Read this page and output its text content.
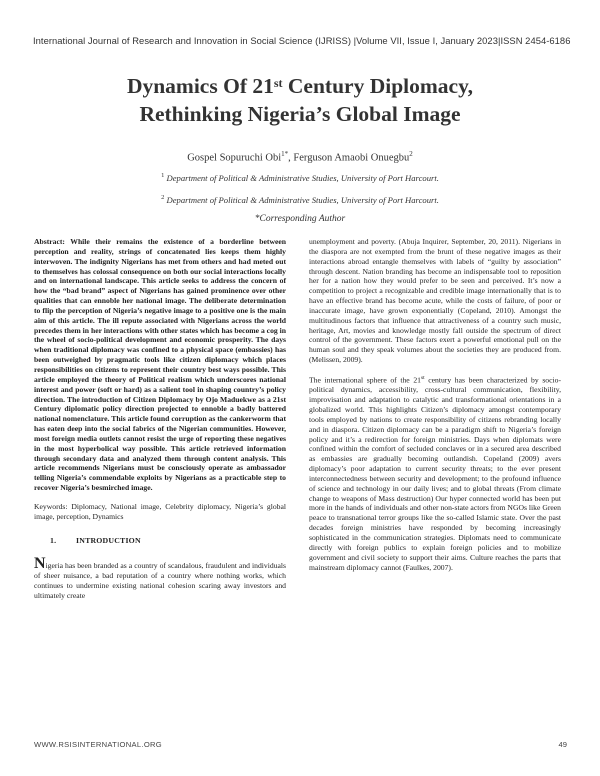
International Journal of Research and Innovation in Social Science (IJRISS) |Volume VII, Issue I, January 2023|ISSN 2454-6186
Dynamics Of 21st Century Diplomacy,
Rethinking Nigeria’s Global Image
Gospel Sopuruchi Obi$^{1*}$, Ferguson Amaobi Onuegbu$^2$
$^1$ Department of Political & Administrative Studies, University of Port Harcourt.
$^2$ Department of Political & Administrative Studies, University of Port Harcourt.
*Corresponding Author

Abstract: While their remains the existence of a borderline between perception and reality, strings of concatenated lies keeps them highly interwoven. The indignity Nigerians has met from others and had meted out to themselves has colossal consequence on both our social interactions locally and on international landscape. This article seeks to address the concern of how the “bad brand” aspect of Nigerians has gained prominence over other qualities that can ennoble her national image. The deliberate determination to flip the perception of Nigeria’s negative image to a positive one is the main aim of this article. The ill repute associated with Nigerians across the world precedes them in her interactions with other states which has become a cog in the wheel of socio-political development and economic prosperity. The days when traditional diplomacy was confined to a physical space (embassies) has been outweighed by pragmatic tools like citizen diplomacy which places responsibilities on citizens to represent their country best ways possible. This article employed the theory of Political realism which underscores national interest and power (soft or hard) as a salient tool in shaping country’s policy direction. The introduction of Citizen Diplomacy by Ojo Maduekwe as a 21st Century diplomatic policy direction projected to ennoble a badly battered national nomenclature. This article found corruption as the cankerworm that has eaten deep into the social fabrics of the Nigerian communities. However, most foreign media outlets cannot resist the urge of reporting these negatives in the most hyperbolical way possible. This article retrieved information through secondary data and analyzed them through content analysis. This article recommends Nigerians must be consciously operate as ambassador telling Nigeria’s commendable exploits by Nigerians as a practicable step to recover Nigeria’s besmirched image.

Keywords: Diplomacy, National image, Celebrity diplomacy, Nigeria’s global image, perception, Dynamics

1.	INTRODUCTION

Nigeria has been branded as a country of scandalous, fraudulent and individuals of sheer nuisance, a bad reputation of a country where nothing works, which continues to undermine existing national cohesion scaring away investors and ultimately create

unemployment and poverty. (Abuja Inquirer, September, 20, 2011). Nigerians in the diaspora are not exempted from the brunt of these negative images as their interactions abroad entangle themselves with labels of “guilty by association” through descent. Nation branding has become an indispensable tool to reposition her for a nation how they would prefer to be seen and perceived. It’s now a competition to project a recognizable and credible image internationally that is to have an effective brand has become acute, while the costs of failure, of poor or inaccurate image, have grown exponentially (Copeland, 2010). Amongst the multitudinous factors that influence that attractiveness of a country such music, heritage, Art, movies and knowledge mostly fall outside the spectrum of direct control of the government. These factors exert a powerful emotional pull on the human soul and they speak volumes about the societies they are produced from. (Melissen, 2009).

The international sphere of the 21st century has been characterized by socio-political dynamics, accessibility, cross-cultural communication, flexibility, improvisation and adaptation to catalytic and transformational orientations in a globalized world. This highlights Citizen’s diplomacy amongst contemporary tools employed by nations to create responsibility of citizens rebranding locally and in diaspora. Citizen diplomacy can be a paradigm shift to Nigeria’s foreign policy and it’s a redirection for foreign ministries. Days when diplomats were confined within the comfort of secluded conclaves or in a secured area described as embassies are gradually becoming outlandish. Copeland (2009) avers diplomacy’s poor adaptation to current security threats; to the ever present interconnectedness between security and development; to the profound influence of science and technology in our daily lives; and to global threats (From climate change to weapons of Mass destruction) Our hyper connected world has been put more in the hands of individuals and other non-state actors from NGOs like Green peace to transnational terror groups like the so-called Islamic state. Over the past decades foreign ministries have responded by becoming increasingly sophisticated in the communication strategies. Diplomats need to communicate directly with foreign publics to explain foreign policies and to mobilize government and civil society to support their aims. Culture reaches the parts that mainstream diplomacy cannot (Faulkes, 2007).

WWW.RSISINTERNATIONAL.ORG	49
